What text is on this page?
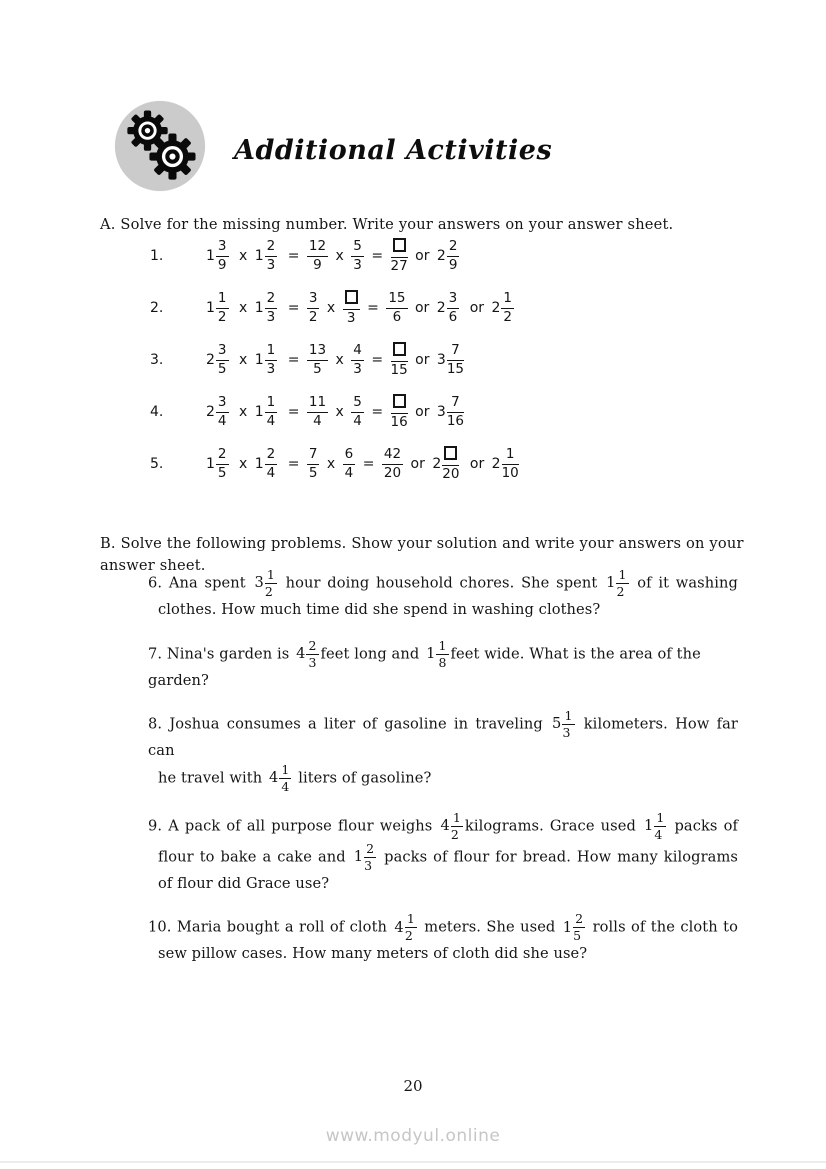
Additional Activities

A. Solve for the missing number. Write your answers on your answer sheet.

1.	$1 \frac{3}{9}$ x $1 \frac{2}{3} = \frac{12}{9}$ x $\frac{5}{3}$ =
27
or $2 \frac{2}{9}$
2.	$1 \frac{1}{2}$ x $1 \frac{2}{3} = \frac{3}{2}$ x
3
= $\frac{15}{6}$ or $2 \frac{3}{6}$ or $2 \frac{1}{2}$
3.	$2 \frac{3}{5}$ x $1 \frac{1}{3} = \frac{13}{5}$ x $\frac{4}{3}$ =
15
or $3 \frac{7}{15}$
4.	$2 \frac{3}{4}$ x $1 \frac{1}{4} = \frac{11}{4}$ x $\frac{5}{4}$ =
16
or $3 \frac{7}{16}$
5.	$1 \frac{2}{5}$ x $1 \frac{2}{4} = \frac{7}{5}$ x $\frac{6}{4} = \frac{42}{20}$ or 2
20
or $2 \frac{1}{10}$

B. Solve the following problems. Show your solution and write your answers on your
answer sheet.

6. Ana spent $3 \frac{1}{2}$ hour doing household chores. She spent $1 \frac{1}{2}$ of it washing
clothes. How much time did she spend in washing clothes?
7. Nina's garden is $4 \frac{2}{3}$ feet long and $1 \frac{1}{8}$ feet wide. What is the area of the garden?
8. Joshua consumes a liter of gasoline in traveling $5 \frac{1}{3}$ kilometers. How far can
he travel with $4 \frac{1}{4}$ liters of gasoline?
9. A pack of all purpose flour weighs $4 \frac{1}{2}$ kilograms. Grace used $1 \frac{1}{4}$ packs of
flour to bake a cake and $1 \frac{2}{3}$ packs of flour for bread. How many kilograms
of flour did Grace use?
10. Maria bought a roll of cloth $4 \frac{1}{2}$ meters. She used $1 \frac{2}{5}$ rolls of the cloth to
sew pillow cases. How many meters of cloth did she use?
20
www.modyul.online
